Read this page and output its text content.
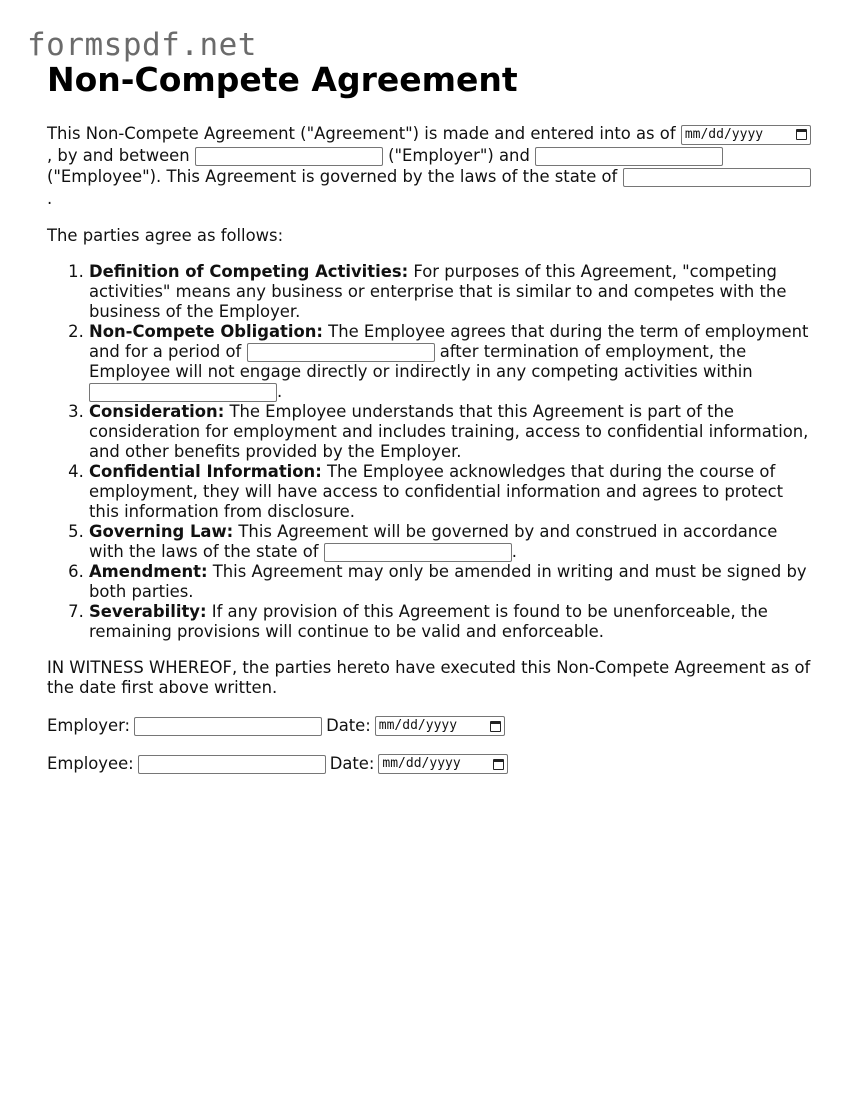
formspdf.net
Non-Compete Agreement

This Non-Compete Agreement ("Agreement") is made and entered into as of mm/dd/yyyy
, by and between	("Employer") and  ("Employee"). This Agreement is governed by the laws of the state of .

The parties agree as follows:

1. Definition of Competing Activities: For purposes of this Agreement, "competing activities" means any business or enterprise that is similar to and competes with the business of the Employer.
2. Non-Compete Obligation: The Employee agrees that during the term of employment and for a period of	after termination of employment, the Employee will not engage directly or indirectly in any competing activities within .
3. Consideration: The Employee understands that this Agreement is part of the consideration for employment and includes training, access to confidential information, and other benefits provided by the Employer.
4. Confidential Information: The Employee acknowledges that during the course of employment, they will have access to confidential information and agrees to protect this information from disclosure.
5. Governing Law: This Agreement will be governed by and construed in accordance with the laws of the state of	.
6. Amendment: This Agreement may only be amended in writing and must be signed by both parties.
7. Severability: If any provision of this Agreement is found to be unenforceable, the remaining provisions will continue to be valid and enforceable.

IN WITNESS WHEREOF, the parties hereto have executed this Non-Compete Agreement as of the date first above written.

Employer:	Date: mm/dd/yyyy
Employee:	Date: mm/dd/yyyy
